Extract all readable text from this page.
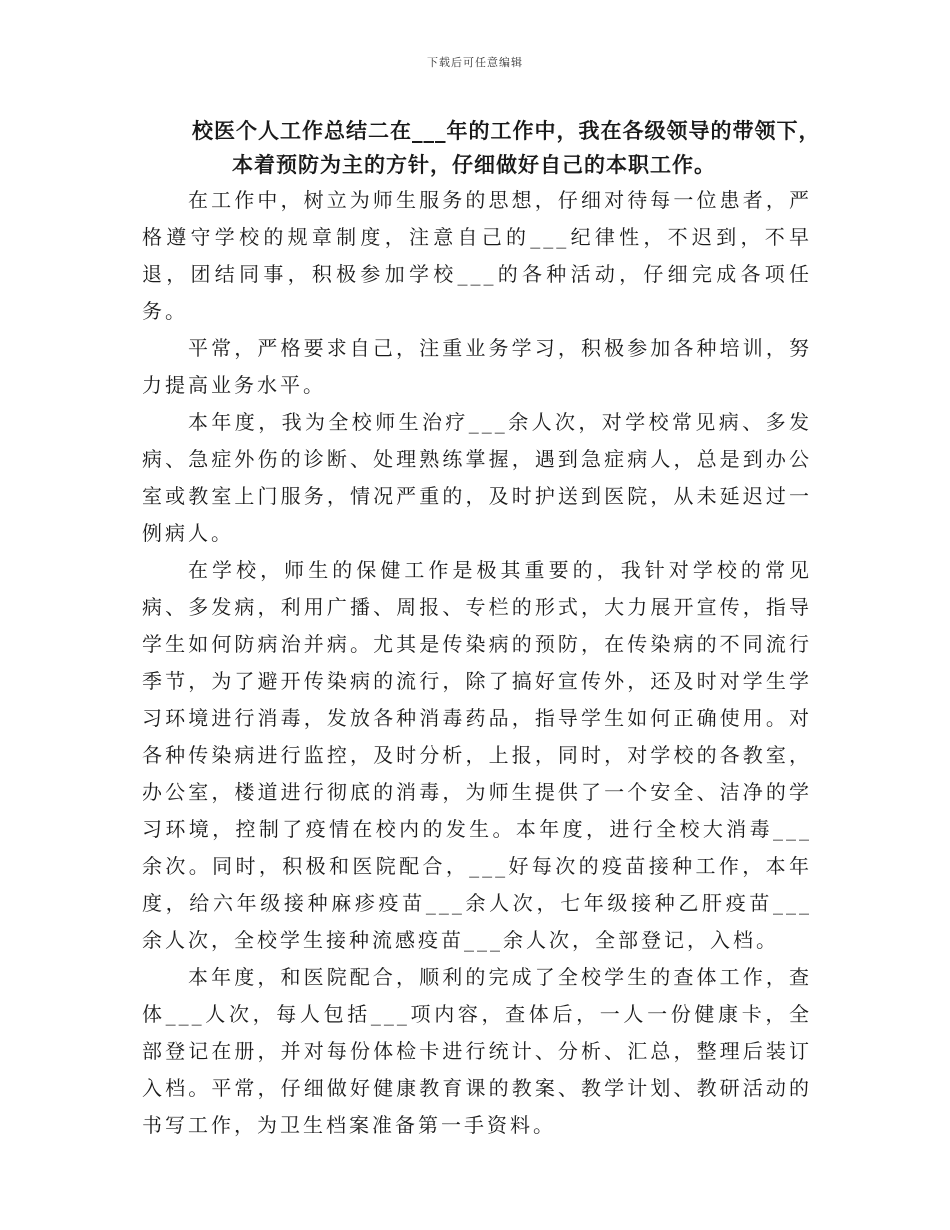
下载后可任意编辑
校医个人工作总结二在___年的工作中，我在各级领导的带领下，
本着预防为主的方针，仔细做好自己的本职工作。

在工作中，树立为师生服务的思想，仔细对待每一位患者，严格遵守学校的规章制度，注意自己的___纪律性，不迟到，不早退，团结同事，积极参加学校___的各种活动，仔细完成各项任务。

平常，严格要求自己，注重业务学习，积极参加各种培训，努力提高业务水平。

本年度，我为全校师生治疗___余人次，对学校常见病、多发病、急症外伤的诊断、处理熟练掌握，遇到急症病人，总是到办公室或教室上门服务，情况严重的，及时护送到医院，从未延迟过一例病人。

在学校，师生的保健工作是极其重要的，我针对学校的常见病、多发病，利用广播、周报、专栏的形式，大力展开宣传，指导学生如何防病治并病。尤其是传染病的预防，在传染病的不同流行季节，为了避开传染病的流行，除了搞好宣传外，还及时对学生学习环境进行消毒，发放各种消毒药品，指导学生如何正确使用。对各种传染病进行监控，及时分析，上报，同时，对学校的各教室，办公室，楼道进行彻底的消毒，为师生提供了一个安全、洁净的学习环境，控制了疫情在校内的发生。本年度，进行全校大消毒___余次。同时，积极和医院配合，___好每次的疫苗接种工作，本年度，给六年级接种麻疹疫苗___余人次，七年级接种乙肝疫苗___余人次，全校学生接种流感疫苗___余人次，全部登记，入档。

本年度，和医院配合，顺利的完成了全校学生的查体工作，查体___人次，每人包括___项内容，查体后，一人一份健康卡，全部登记在册，并对每份体检卡进行统计、分析、汇总，整理后装订入档。平常，仔细做好健康教育课的教案、教学计划、教研活动的书写工作，为卫生档案准备第一手资料。
